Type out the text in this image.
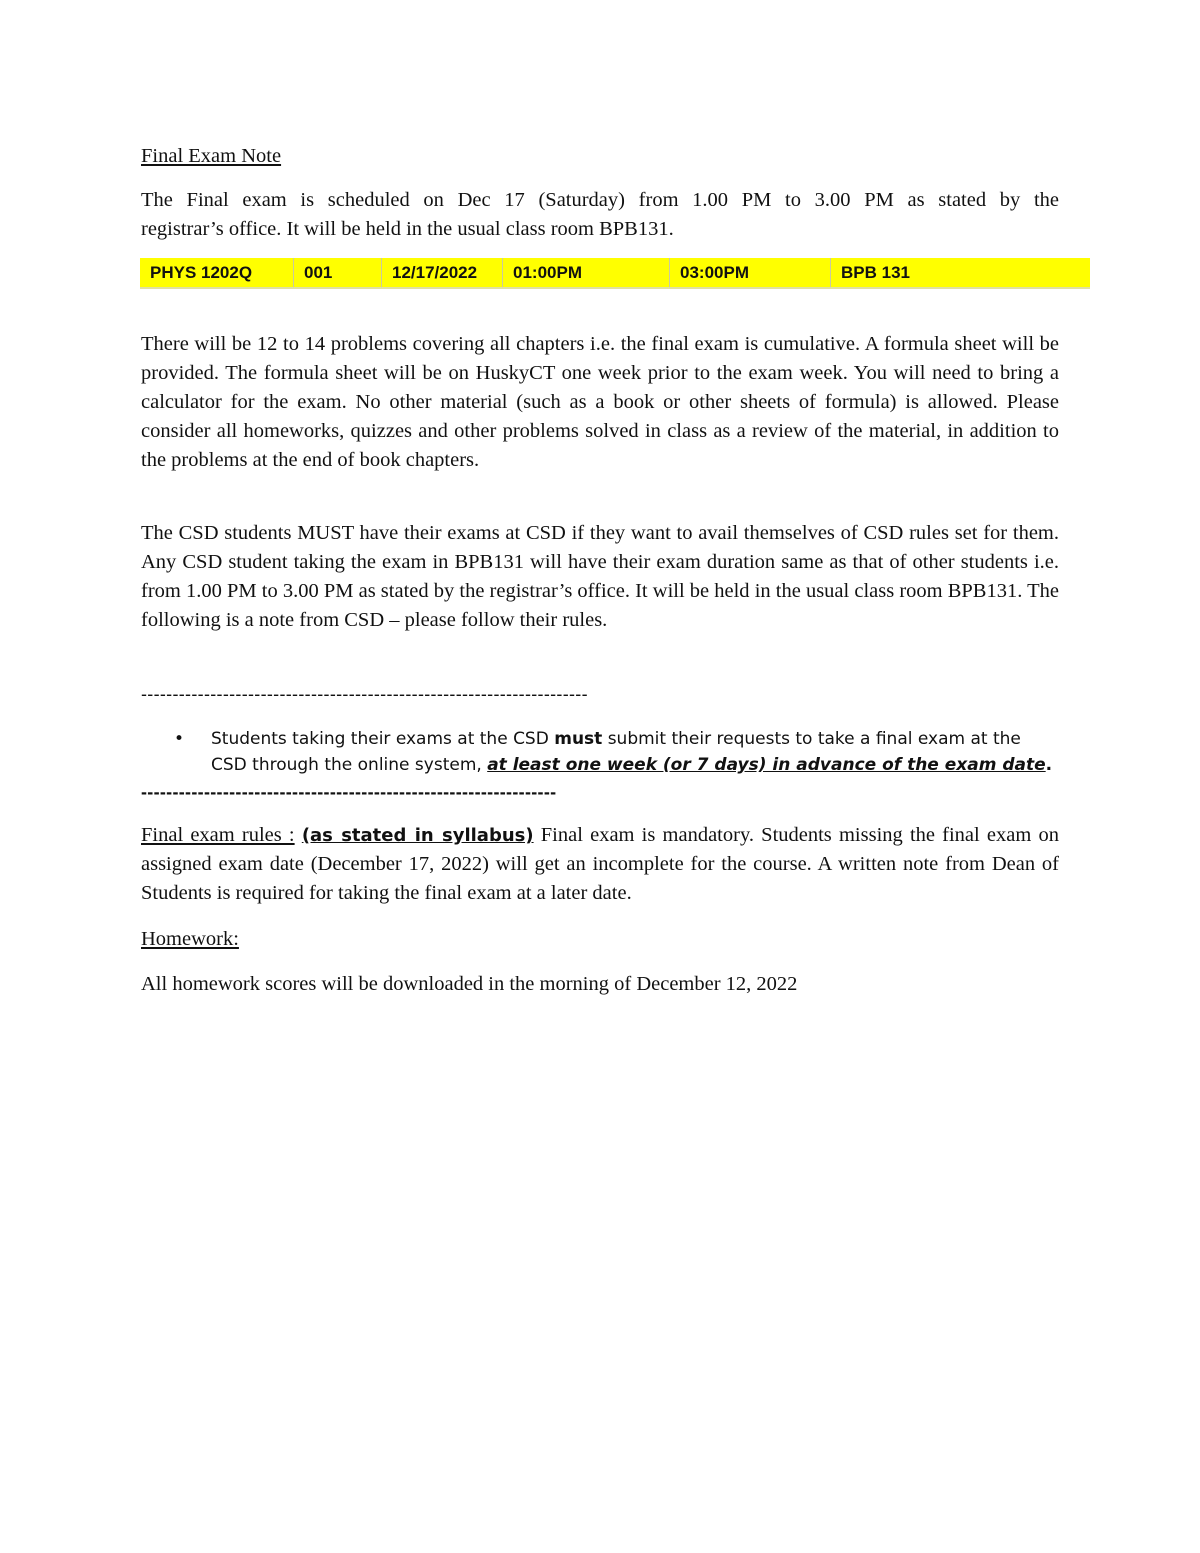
Final Exam Note
The Final exam is scheduled on Dec 17 (Saturday) from 1.00 PM to 3.00 PM as stated by the
registrar’s office. It will be held in the usual class room BPB131.
PHYS 1202Q	001	12/17/2022	01:00PM	03:00PM	BPB 131
There will be 12 to 14 problems covering all chapters i.e. the final exam is cumulative. A formula sheet will be provided. The formula sheet will be on HuskyCT one week prior to the exam week. You will need to bring a calculator for the exam. No other material (such as a book or other sheets of formula) is allowed. Please consider all homeworks, quizzes and other problems solved in class as a review of the material, in addition to the problems at the end of book chapters.
The CSD students MUST have their exams at CSD if they want to avail themselves of CSD rules set for them. Any CSD student taking the exam in BPB131 will have their exam duration same as that of other students i.e. from 1.00 PM to 3.00 PM as stated by the registrar’s office. It will be held in the usual class room BPB131. The following is a note from CSD – please follow their rules.
-----------------------------------------------------------------------
• Students taking their exams at the CSD must submit their requests to take a final exam at the CSD through the online system, at least one week (or 7 days) in advance of the exam date.
------------------------------------------------------------------
Final exam rules : (as stated in syllabus) Final exam is mandatory. Students missing the final exam on assigned exam date (December 17, 2022) will get an incomplete for the course. A written note from Dean of Students is required for taking the final exam at a later date.
Homework:
All homework scores will be downloaded in the morning of December 12, 2022
